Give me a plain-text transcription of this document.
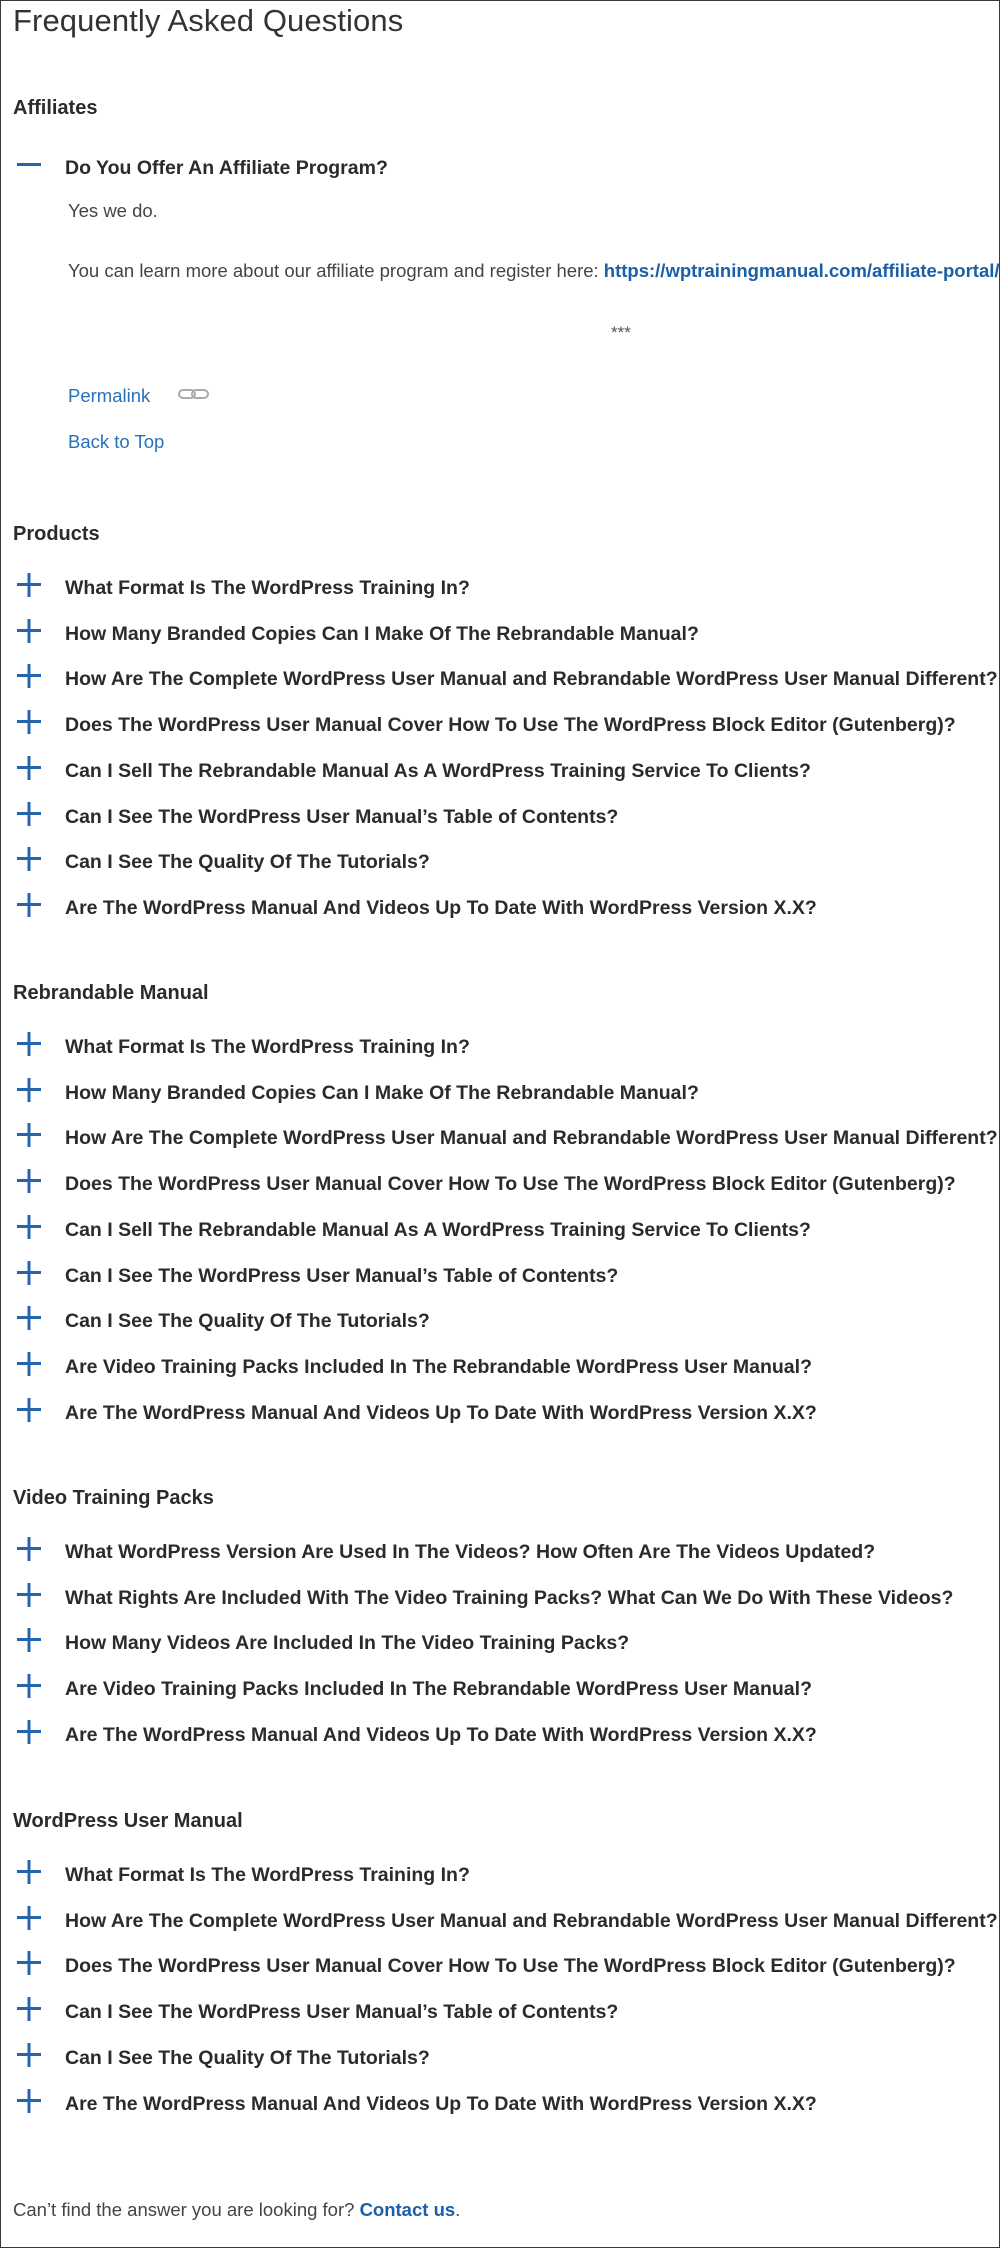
Frequently Asked Questions
Affiliates
Do You Offer An Affiliate Program?
Yes we do.
You can learn more about our affiliate program and register here: https://wptrainingmanual.com/affiliate-portal/
***
Permalink
Back to Top
Products
What Format Is The WordPress Training In?
How Many Branded Copies Can I Make Of The Rebrandable Manual?
How Are The Complete WordPress User Manual and Rebrandable WordPress User Manual Different?
Does The WordPress User Manual Cover How To Use The WordPress Block Editor (Gutenberg)?
Can I Sell The Rebrandable Manual As A WordPress Training Service To Clients?
Can I See The WordPress User Manual’s Table of Contents?
Can I See The Quality Of The Tutorials?
Are The WordPress Manual And Videos Up To Date With WordPress Version X.X?
Rebrandable Manual
What Format Is The WordPress Training In?
How Many Branded Copies Can I Make Of The Rebrandable Manual?
How Are The Complete WordPress User Manual and Rebrandable WordPress User Manual Different?
Does The WordPress User Manual Cover How To Use The WordPress Block Editor (Gutenberg)?
Can I Sell The Rebrandable Manual As A WordPress Training Service To Clients?
Can I See The WordPress User Manual’s Table of Contents?
Can I See The Quality Of The Tutorials?
Are Video Training Packs Included In The Rebrandable WordPress User Manual?
Are The WordPress Manual And Videos Up To Date With WordPress Version X.X?
Video Training Packs
What WordPress Version Are Used In The Videos? How Often Are The Videos Updated?
What Rights Are Included With The Video Training Packs? What Can We Do With These Videos?
How Many Videos Are Included In The Video Training Packs?
Are Video Training Packs Included In The Rebrandable WordPress User Manual?
Are The WordPress Manual And Videos Up To Date With WordPress Version X.X?
WordPress User Manual
What Format Is The WordPress Training In?
How Are The Complete WordPress User Manual and Rebrandable WordPress User Manual Different?
Does The WordPress User Manual Cover How To Use The WordPress Block Editor (Gutenberg)?
Can I See The WordPress User Manual’s Table of Contents?
Can I See The Quality Of The Tutorials?
Are The WordPress Manual And Videos Up To Date With WordPress Version X.X?
Can’t find the answer you are looking for? Contact us.
